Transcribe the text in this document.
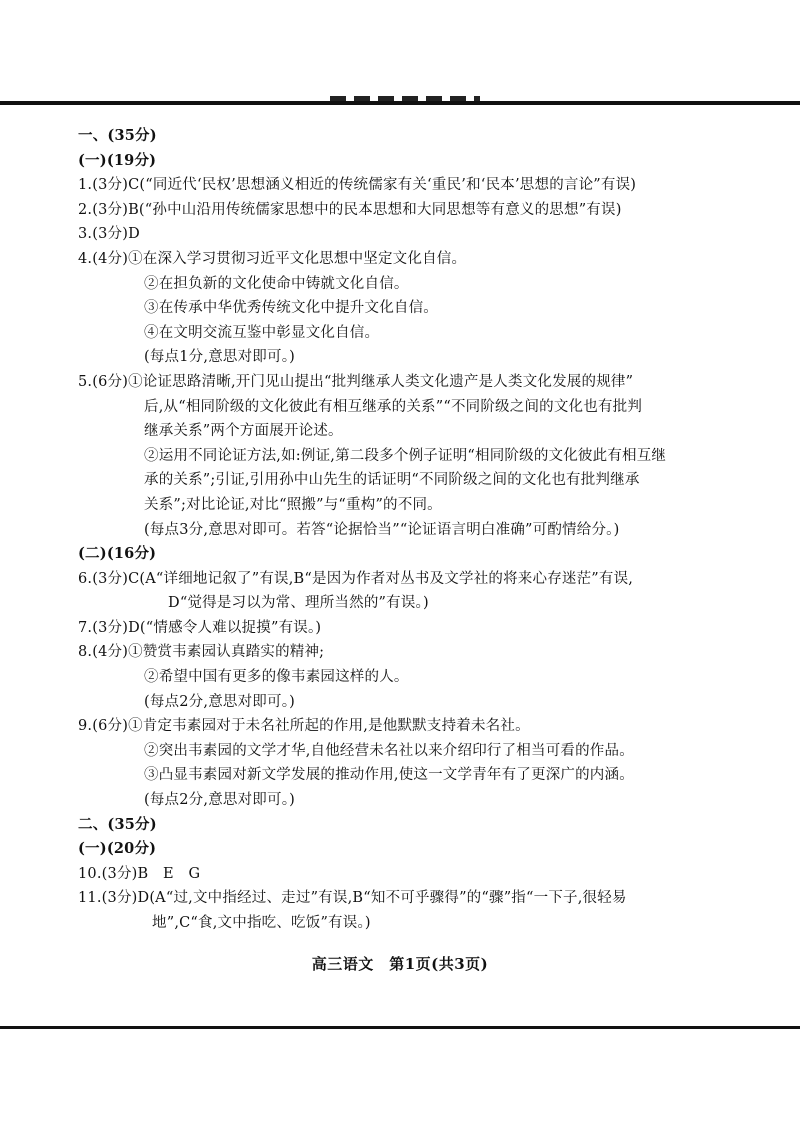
一、(35分)
(一)(19分)
1.(3分)C(“同近代‘民权’思想涵义相近的传统儒家有关‘重民’和‘民本’思想的言论”有误)
2.(3分)B(“孙中山沿用传统儒家思想中的民本思想和大同思想等有意义的思想”有误)
3.(3分)D
4.(4分)①在深入学习贯彻习近平文化思想中坚定文化自信。
②在担负新的文化使命中铸就文化自信。
③在传承中华优秀传统文化中提升文化自信。
④在文明交流互鉴中彰显文化自信。
(每点1分,意思对即可。)
5.(6分)①论证思路清晰,开门见山提出“批判继承人类文化遗产是人类文化发展的规律”
后,从“相同阶级的文化彼此有相互继承的关系”“不同阶级之间的文化也有批判
继承关系”两个方面展开论述。
②运用不同论证方法,如:例证,第二段多个例子证明“相同阶级的文化彼此有相互继
承的关系”;引证,引用孙中山先生的话证明“不同阶级之间的文化也有批判继承
关系”;对比论证,对比“照搬”与“重构”的不同。
(每点3分,意思对即可。若答“论据恰当”“论证语言明白准确”可酌情给分。)
(二)(16分)
6.(3分)C(A“详细地记叙了”有误,B“是因为作者对丛书及文学社的将来心存迷茫”有误,
D“觉得是习以为常、理所当然的”有误。)
7.(3分)D(“情感令人难以捉摸”有误。)
8.(4分)①赞赏韦素园认真踏实的精神;
②希望中国有更多的像韦素园这样的人。
(每点2分,意思对即可。)
9.(6分)①肯定韦素园对于未名社所起的作用,是他默默支持着未名社。
②突出韦素园的文学才华,自他经营未名社以来介绍印行了相当可看的作品。
③凸显韦素园对新文学发展的推动作用,使这一文学青年有了更深广的内涵。
(每点2分,意思对即可。)
二、(35分)
(一)(20分)
10.(3分)B　E　G
11.(3分)D(A“过,文中指经过、走过”有误,B“知不可乎骤得”的“骤”指“一下子,很轻易
地”,C“食,文中指吃、吃饭”有误。)
高三语文　第1页(共3页)
